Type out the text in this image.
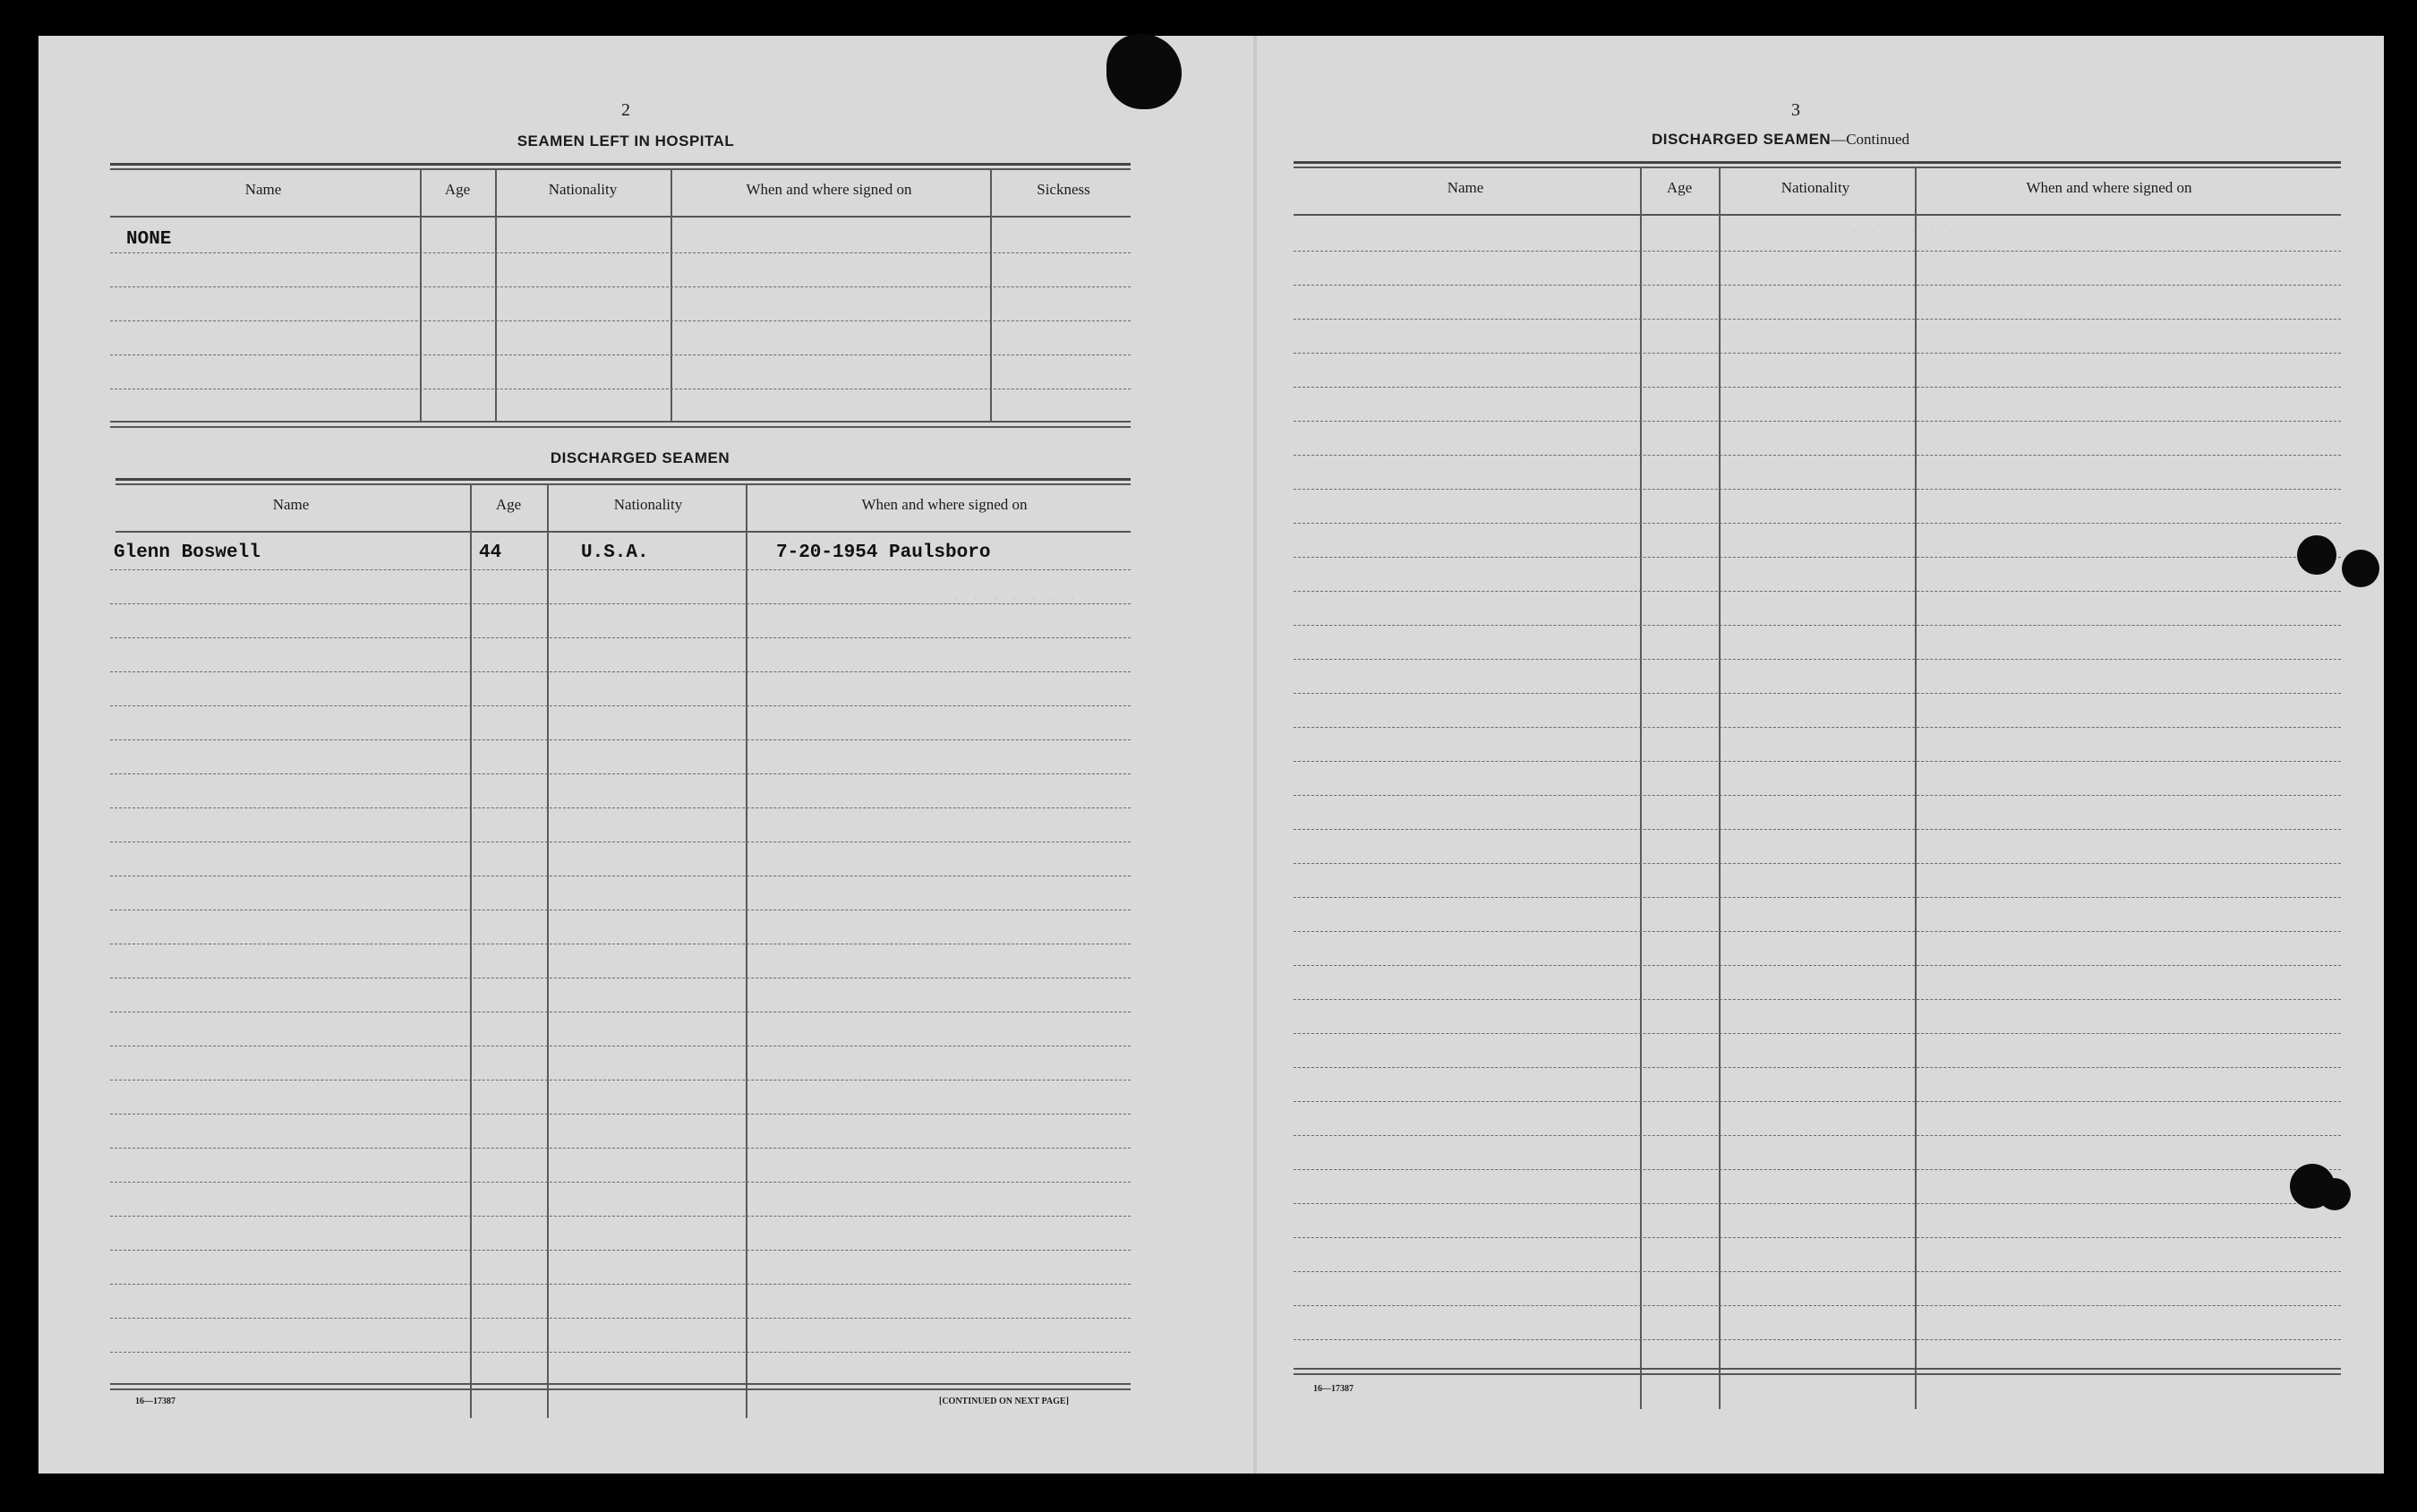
· · · · · · · · · ·
· · · · · · ·
2
SEAMEN LEFT IN HOSPITAL
Name	Age	Nationality	When and where signed on	Sickness
NONE
DISCHARGED SEAMEN
Name	Age	Nationality	When and where signed on
Glenn Boswell	44	U.S.A.	7-20-1954 Paulsboro
16—17387	[CONTINUED ON NEXT PAGE]
3
DISCHARGED SEAMEN—Continued
Name	Age	Nationality	When and where signed on
16—17387
